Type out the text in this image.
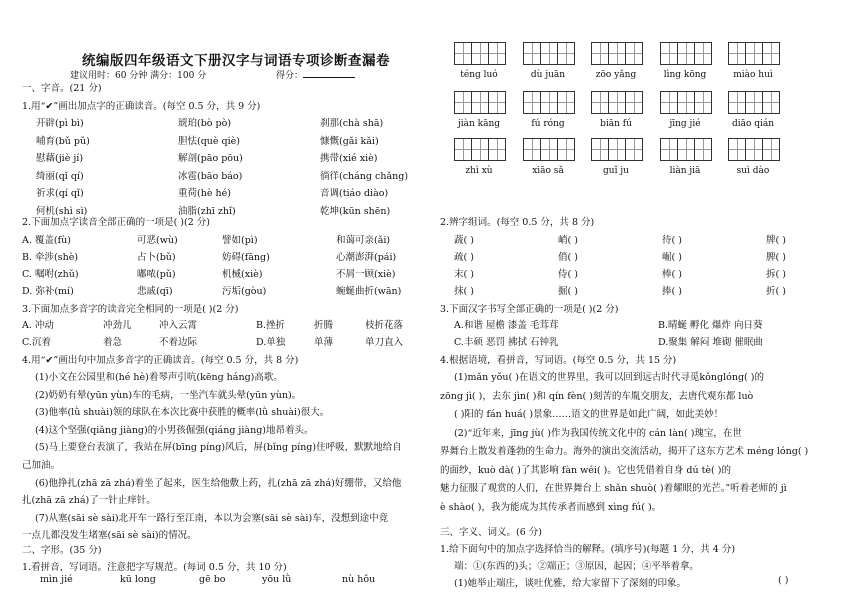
统编版四年级语文下册汉字与词语专项诊断查漏卷
建议用时：60 分钟 满分：100 分	得分：
一、字音。(21 分)
1.用“✔”画出加点字的正确读音。(每空 0.5 分，共 9 分)
开辟(pì bì)	琥珀(bò pò)	刹那(chà shā)
哺育(bǔ pǔ)	胆怯(què qiè)	慷慨(gǎi kǎi)
慰藉(jiè jí)	解剖(pāo pōu)	携带(xié xiè)
绮丽(qǐ qí)	冰雹(bāo báo)	徜徉(cháng chǎng)
祈求(qí qǐ)	重荷(hè hé)	音调(tiáo diào)
何机(shì sì)	油脂(zhī zhǐ)	乾坤(kūn shēn)
2.下面加点字读音全部正确的一项是( )(2 分)
A. 覆盖(fù)	可恶(wù)	譬如(pì)	和蔼可亲(ǎi)
B. 牵涉(shè)	占卜(bǔ)	妨碍(fāng)	心潮澎湃(pái)
C. 嘱咐(zhǔ)	嘟哝(pǔ)	机械(xiè)	不屑一顾(xiè)
D. 弥补(mí)	悲戚(qī)	污垢(gòu)	蜿蜒曲折(wān)
3.下面加点多音字的读音完全相同的一项是( )(2 分)
A. 冲动	冲劲儿	冲入云霄	B.挫折	折腾	枝折花落
C.沉着	着急	不着边际	D.单独	单薄	单刀直入
4.用“✔”画出句中加点多音字的正确读音。(每空 0.5 分，共 8 分)
(1)小文在公园里和(hé hè)着琴声引吭(kēng háng)高歌。
(2)奶奶有晕(yūn yùn)车的毛病，一坐汽车就头晕(yūn yùn)。
(3)他率(lǜ shuài)领的球队在本次比赛中获胜的概率(lǜ shuài)很大。
(4)这个坚强(qiǎng jiàng)的小男孩倔强(qiáng jiàng)地昂着头。
(5)马上要登台表演了，我站在屏(bīng píng)风后，屏(bǐng píng)住呼吸，默默地给自
己加油。
(6)他挣扎(zhā zā zhá)着坐了起来，医生给他敷上药，扎(zhā zā zhá)好绷带，又给他
扎(zhā zā zhá)了一针止痒针。
(7)从塞(sāi sè sài)北开车一路行至江南，本以为会塞(sāi sè sài)车，没想到途中竟
一点儿都没发生堵塞(sāi sè sài)的情况。
二、字形。(35 分)
1.看拼音，写词语。注意把字写规范。(每词 0.5 分，共 10 分)
mìn jié	kū long	gē bo	yōu lǜ	nù hǒu
téng luó	dù juān	zōo yǎng	lìng kōng	miào huì
jiàn kāng	fú róng	biān fú	jīng jié	diāo qián
zhì xù	xiāo sǎ	guǐ ju	liàn jiā	suì dào
2.辨字组词。(每空 0.5 分，共 8 分)
蔬( )	峭( )	待( )	牌( )
疏( )	俏( )	崛( )	脾( )
末( )	侍( )	棒( )	拆( )
抹( )	掘( )	捧( )	折( )
3.下面汉字书写全部正确的一项是( )(2 分)
A.和谐 屋檐 漆盖 毛茸茸	B.晴蜒 孵化 爆炸 向日葵
C.丰硕 恶罚 拂拭 石钟乳	D.聚集 解闷 堆砌 催眠曲
4.根据语境，看拼音，写词语。(每空 0.5 分，共 15 分)
(1)mǎn yǒu( )在语文的世界里，我可以回到远古时代寻觅kǒnglóng( )的
zōng jì( )，去东 jìn( )和 qín fèn( )刻苦的车胤交朋友，去唐代观东都 luò
( )阳的 fán huá( )景象……语文的世界是如此广阔，如此美妙！
(2)“近年来，jīng jù( )作为我国传统文化中的 cán làn( )瑰宝，在世
界舞台上散发着蓬勃的生命力。海外的演出交流活动，揭开了这东方艺术 méng lóng( )
的面纱，kuò dà( )了其影响 fàn wéi( )。它也凭借着自身 dú tè( )的
魅力征服了观赏的人们，在世界舞台上 shǎn shuò( )着耀眼的光芒。”听着老师的 jì
è shào( )，我为能成为其传承者而感到 xìng fú( )。
三、字义、词义。(6 分)
1.给下面句中的加点字选择恰当的解释。(填序号)(每题 1 分，共 4 分)
端：①(东西的)头；②端正；③原因，起因；④平举着拿。
(1)她举止端庄，谈吐优雅，给大家留下了深刻的印象。	( )
